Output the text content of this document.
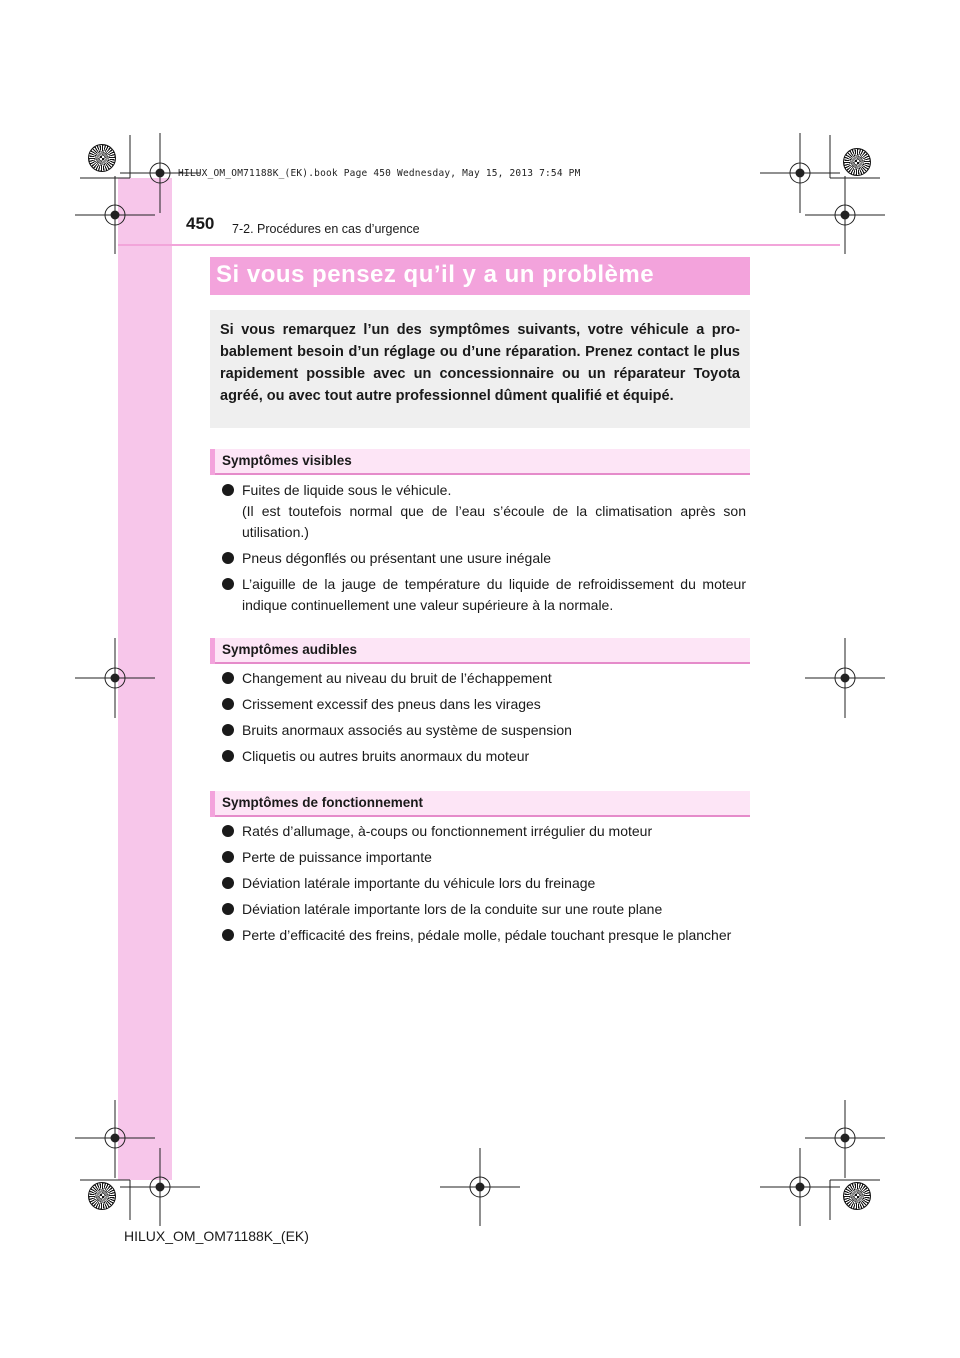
HILUX_OM_OM71188K_(EK).book Page 450 Wednesday, May 15, 2013 7:54 PM
450 7-2. Procédures en cas d’urgence
Si vous pensez qu’il y a un problème
Si vous remarquez l’un des symptômes suivants, votre véhicule a pro-bablement besoin d’un réglage ou d’une réparation. Prenez contact le plus rapidement possible avec un concessionnaire ou un réparateur Toyota agréé, ou avec tout autre professionnel dûment qualifié et équipé.
Symptômes visibles
Fuites de liquide sous le véhicule.
(Il est toutefois normal que de l’eau s’écoule de la climatisation après son utilisation.)
Pneus dégonflés ou présentant une usure inégale
L’aiguille de la jauge de température du liquide de refroidissement du moteur indique continuellement une valeur supérieure à la normale.
Symptômes audibles
Changement au niveau du bruit de l’échappement
Crissement excessif des pneus dans les virages
Bruits anormaux associés au système de suspension
Cliquetis ou autres bruits anormaux du moteur
Symptômes de fonctionnement
Ratés d’allumage, à-coups ou fonctionnement irrégulier du moteur
Perte de puissance importante
Déviation latérale importante du véhicule lors du freinage
Déviation latérale importante lors de la conduite sur une route plane
Perte d’efficacité des freins, pédale molle, pédale touchant presque le plancher
HILUX_OM_OM71188K_(EK)
